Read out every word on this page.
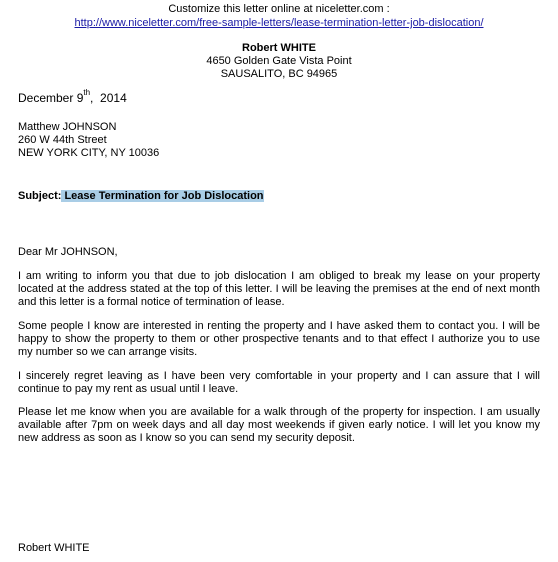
Customize this letter online at niceletter.com :
http://www.niceletter.com/free-sample-letters/lease-termination-letter-job-dislocation/
Robert WHITE
4650 Golden Gate Vista Point
SAUSALITO, BC 94965
December 9th,  2014
Matthew JOHNSON
260 W 44th Street
NEW YORK CITY, NY 10036
Subject: Lease Termination for Job Dislocation
Dear Mr JOHNSON,
I am writing to inform you that due to job dislocation I am obliged to break my lease on your property located at the address stated at the top of this letter. I will be leaving the premises at the end of next month and this letter is a formal notice of termination of lease.
Some people I know are interested in renting the property and I have asked them to contact you. I will be happy to show the property to them or other prospective tenants and to that effect I authorize you to use my number so we can arrange visits.
I sincerely regret leaving as I have been very comfortable in your property and I can assure that I will continue to pay my rent as usual until I leave.
Please let me know when you are available for a walk through of the property for inspection. I am usually available after 7pm on week days and all day most weekends if given early notice. I will let you know my new address as soon as I know so you can send my security deposit.
Robert WHITE
